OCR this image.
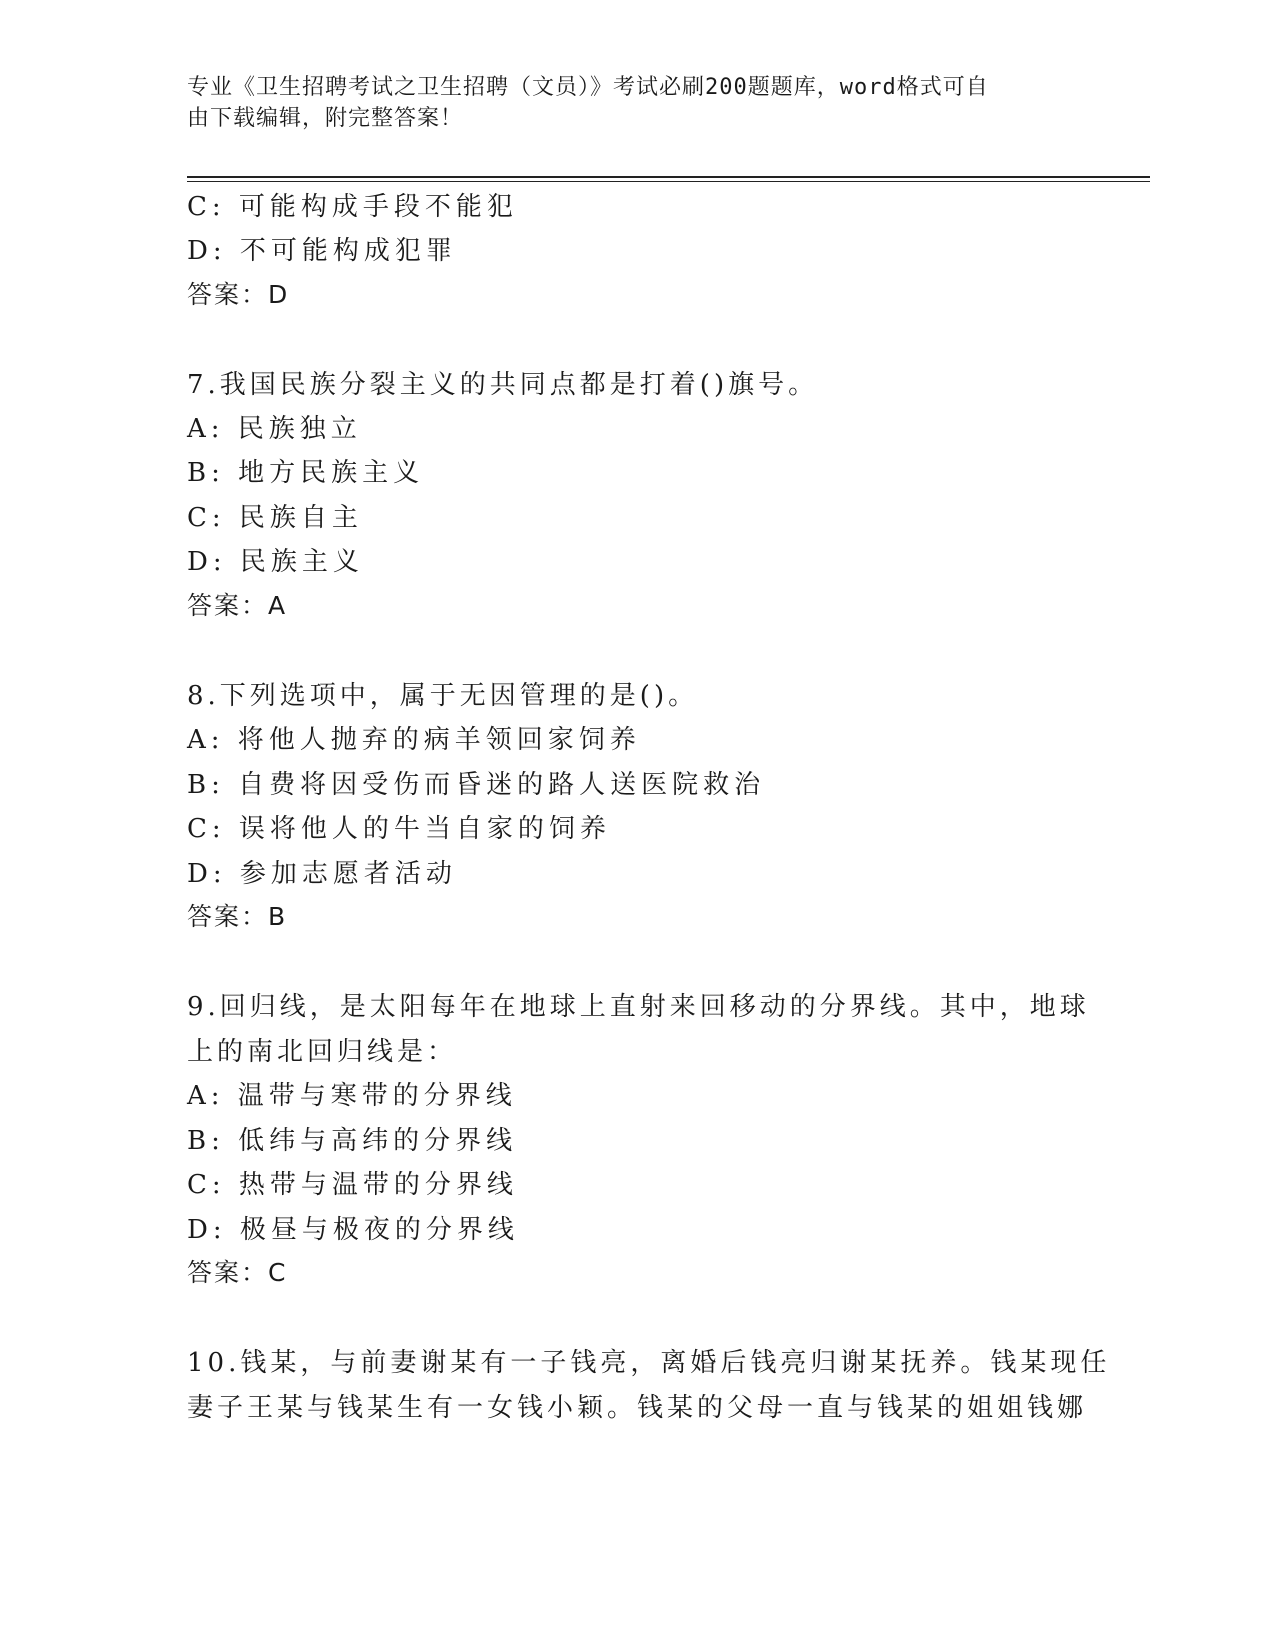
专业《卫生招聘考试之卫生招聘（文员）》考试必刷200题题库，word格式可自
由下载编辑，附完整答案！
C: 可能构成手段不能犯
D: 不可能构成犯罪
答案：D
7.我国民族分裂主义的共同点都是打着()旗号。
A: 民族独立
B: 地方民族主义
C: 民族自主
D: 民族主义
答案：A
8.下列选项中，属于无因管理的是()。
A: 将他人抛弃的病羊领回家饲养
B: 自费将因受伤而昏迷的路人送医院救治
C: 误将他人的牛当自家的饲养
D: 参加志愿者活动
答案：B
9.回归线，是太阳每年在地球上直射来回移动的分界线。其中，地球
上的南北回归线是：
A: 温带与寒带的分界线
B: 低纬与高纬的分界线
C: 热带与温带的分界线
D: 极昼与极夜的分界线
答案：C
10.钱某，与前妻谢某有一子钱亮，离婚后钱亮归谢某抚养。钱某现任
妻子王某与钱某生有一女钱小颖。钱某的父母一直与钱某的姐姐钱娜
